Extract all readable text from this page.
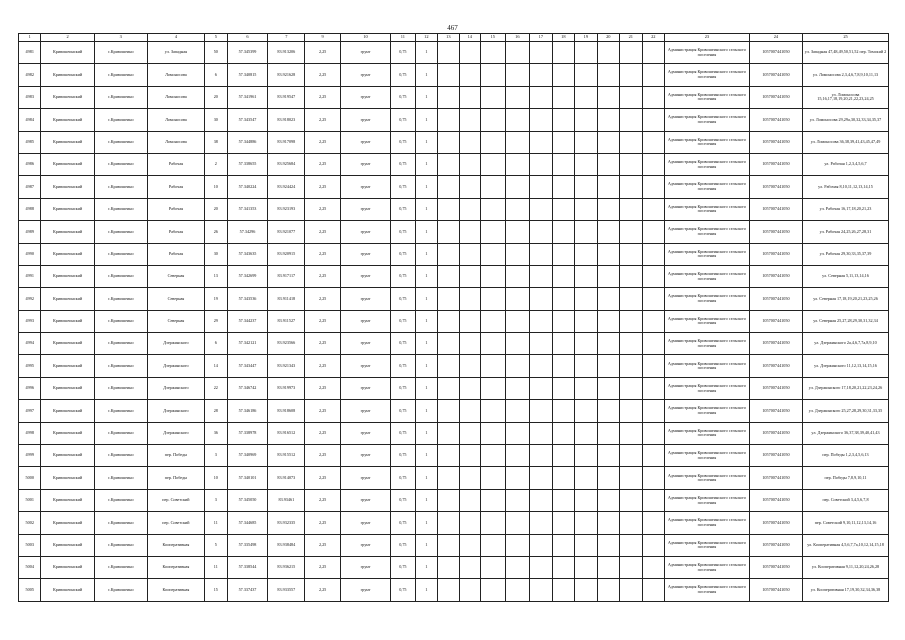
467
1	2	3	4	5	6	7	9	10	11	12	13	14	15	16	17	18	19	20	21	22	23	24	25
4981	Кривошеинский	с.Кривошеино	ул. Западная	50	57.345399	83.913206	2,25	грунт	0,75	1											Администрация Кривошеинского сельского поселения	1057007441050	ул. Западная 47,48,49,50,51,52 пер. Томский 2
4982	Кривошеинский	с.Кривошеино	Ломоносова	6	57.340815	83.921628	2,25	грунт	0,75	1											Администрация Кривошеинского сельского поселения	1057007441050	ул. Ломоносова 2,3,4,6,7,8,9,10,11,13
4983	Кривошеинский	с.Кривошеино	Ломоносова	20	57.341961	83.919547	2,25	грунт	0,75	1											Администрация Кривошеинского сельского поселения	1057007441050	ул. Ломоносова 15,16,17,18,19,20,21,22,23,24,25
4984	Кривошеинский	с.Кривошеино	Ломоносова	30	57.343547	83.918023	2,25	грунт	0,75	1											Администрация Кривошеинского сельского поселения	1057007441050	ул. Ломоносова 29,29а,30,32,33,34,35,37
4985	Кривошеинский	с.Кривошеино	Ломоносова	38	57.344886	83.917098	2,25	грунт	0,75	1											Администрация Кривошеинского сельского поселения	1057007441050	ул. Ломоносова 36,38,39,41,43,45,47,49
4986	Кривошеинский	с.Кривошеино	Рабочая	2	57.338655	83.925684	2,25	грунт	0,75	1											Администрация Кривошеинского сельского поселения	1057007441050	ул. Рабочая 1,2,3,4,5,6,7
4987	Кривошеинский	с.Кривошеино	Рабочая	10	57.340224	83.924424	2,25	грунт	0,75	1											Администрация Кривошеинского сельского поселения	1057007441050	ул. Рабочая 8,10,11,12,13,14,15
4988	Кривошеинский	с.Кривошеино	Рабочая	20	57.341353	83.923193	2,25	грунт	0,75	1											Администрация Кривошеинского сельского поселения	1057007441050	ул. Рабочая 16,17,18,20,21,23
4989	Кривошеинский	с.Кривошеино	Рабочая	26	57.34296	83.921077	2,25	грунт	0,75	1											Администрация Кривошеинского сельского поселения	1057007441050	ул. Рабочая 24,25,26,27,28,31
4990	Кривошеинский	с.Кривошеино	Рабочая	30	57.343635	83.920915	2,25	грунт	0,75	1											Администрация Кривошеинского сельского поселения	1057007441050	ул. Рабочая 29,30,33,35,37,39
4991	Кривошеинский	с.Кривошеино	Северная	13	57.342699	83.917117	2,25	грунт	0,75	1											Администрация Кривошеинского сельского поселения	1057007441050	ул. Северная 5,11,13,14,16
4992	Кривошеинский	с.Кривошеино	Северная	19	57.343536	83.911418	2,25	грунт	0,75	1											Администрация Кривошеинского сельского поселения	1057007441050	ул. Северная 17,18,19,20,21,23,25,26
4993	Кривошеинский	с.Кривошеино	Северная	29	57.344237	83.911527	2,25	грунт	0,75	1											Администрация Кривошеинского сельского поселения	1057007441050	ул. Северная 25,27,28,29,30,31,32,34
4994	Кривошеинский	с.Кривошеино	Дзержинского	6	57.342121	83.923566	2,25	грунт	0,75	1											Администрация Кривошеинского сельского поселения	1057007441050	ул. Дзержинского 2а,4,6,7,7а,8,9,10
4995	Кривошеинский	с.Кривошеино	Дзержинского	14	57.343447	83.921343	2,25	грунт	0,75	1											Администрация Кривошеинского сельского поселения	1057007441050	ул. Дзержинского 11,12,13,14,15,16
4996	Кривошеинский	с.Кривошеино	Дзержинского	22	57.346742	83.919973	2,25	грунт	0,75	1											Администрация Кривошеинского сельского поселения	1057007441050	ул. Дзержинского 17,18,20,21,22,23,24,26
4997	Кривошеинский	с.Кривошеино	Дзержинского	28	57.346186	83.918608	2,25	грунт	0,75	1											Администрация Кривошеинского сельского поселения	1057007441050	ул. Дзержинского 25,27,28,29,30,31,33,35
4998	Кривошеинский	с.Кривошеино	Дзержинского	36	57.338978	83.916512	2,25	грунт	0,75	1											Администрация Кривошеинского сельского поселения	1057007441050	ул. Дзержинского 36,37,38,39,40,41,43
4999	Кривошеинский	с.Кривошеино	пер. Победы	3	57.340969	83.915512	2,25	грунт	0,75	1											Администрация Кривошеинского сельского поселения	1057007441050	пер. Победы 1,2,3,4,5,6,13
5000	Кривошеинский	с.Кривошеино	пер. Победы	10	57.340101	83.914073	2,25	грунт	0,75	1											Администрация Кривошеинского сельского поселения	1057007441050	пер. Победы 7,8,9,10,11
5001	Кривошеинский	с.Кривошеино	пер. Советский	3	57.345050	83.93461	2,25	грунт	0,75	1											Администрация Кривошеинского сельского поселения	1057007441050	пер. Советский 3,4,5,6,7,8
5002	Кривошеинский	с.Кривошеино	пер. Советский	11	57.344685	83.932335	2,25	грунт	0,75	1											Администрация Кривошеинского сельского поселения	1057007441050	пер. Советский 9,10,11,12,13,14,16
5003	Кривошеинский	с.Кривошеино	Кооперативная	5	57.335498	83.938484	2,25	грунт	0,75	1											Администрация Кривошеинского сельского поселения	1057007441050	ул. Кооперативная 4,5,6,7,7а,10,12,14,15,18
5004	Кривошеинский	с.Кривошеино	Кооперативная	11	57.338544	83.936215	2,25	грунт	0,75	1											Администрация Кривошеинского сельского поселения	1057007441050	ул. Кооперативная 9,11,12,20,24,26,28
5005	Кривошеинский	с.Кривошеино	Кооперативная	15	57.337437	83.933557	2,25	грунт	0,75	1											Администрация Кривошеинского сельского поселения	1057007441050	ул. Кооперативная 17,19,30,32,34,36,38
